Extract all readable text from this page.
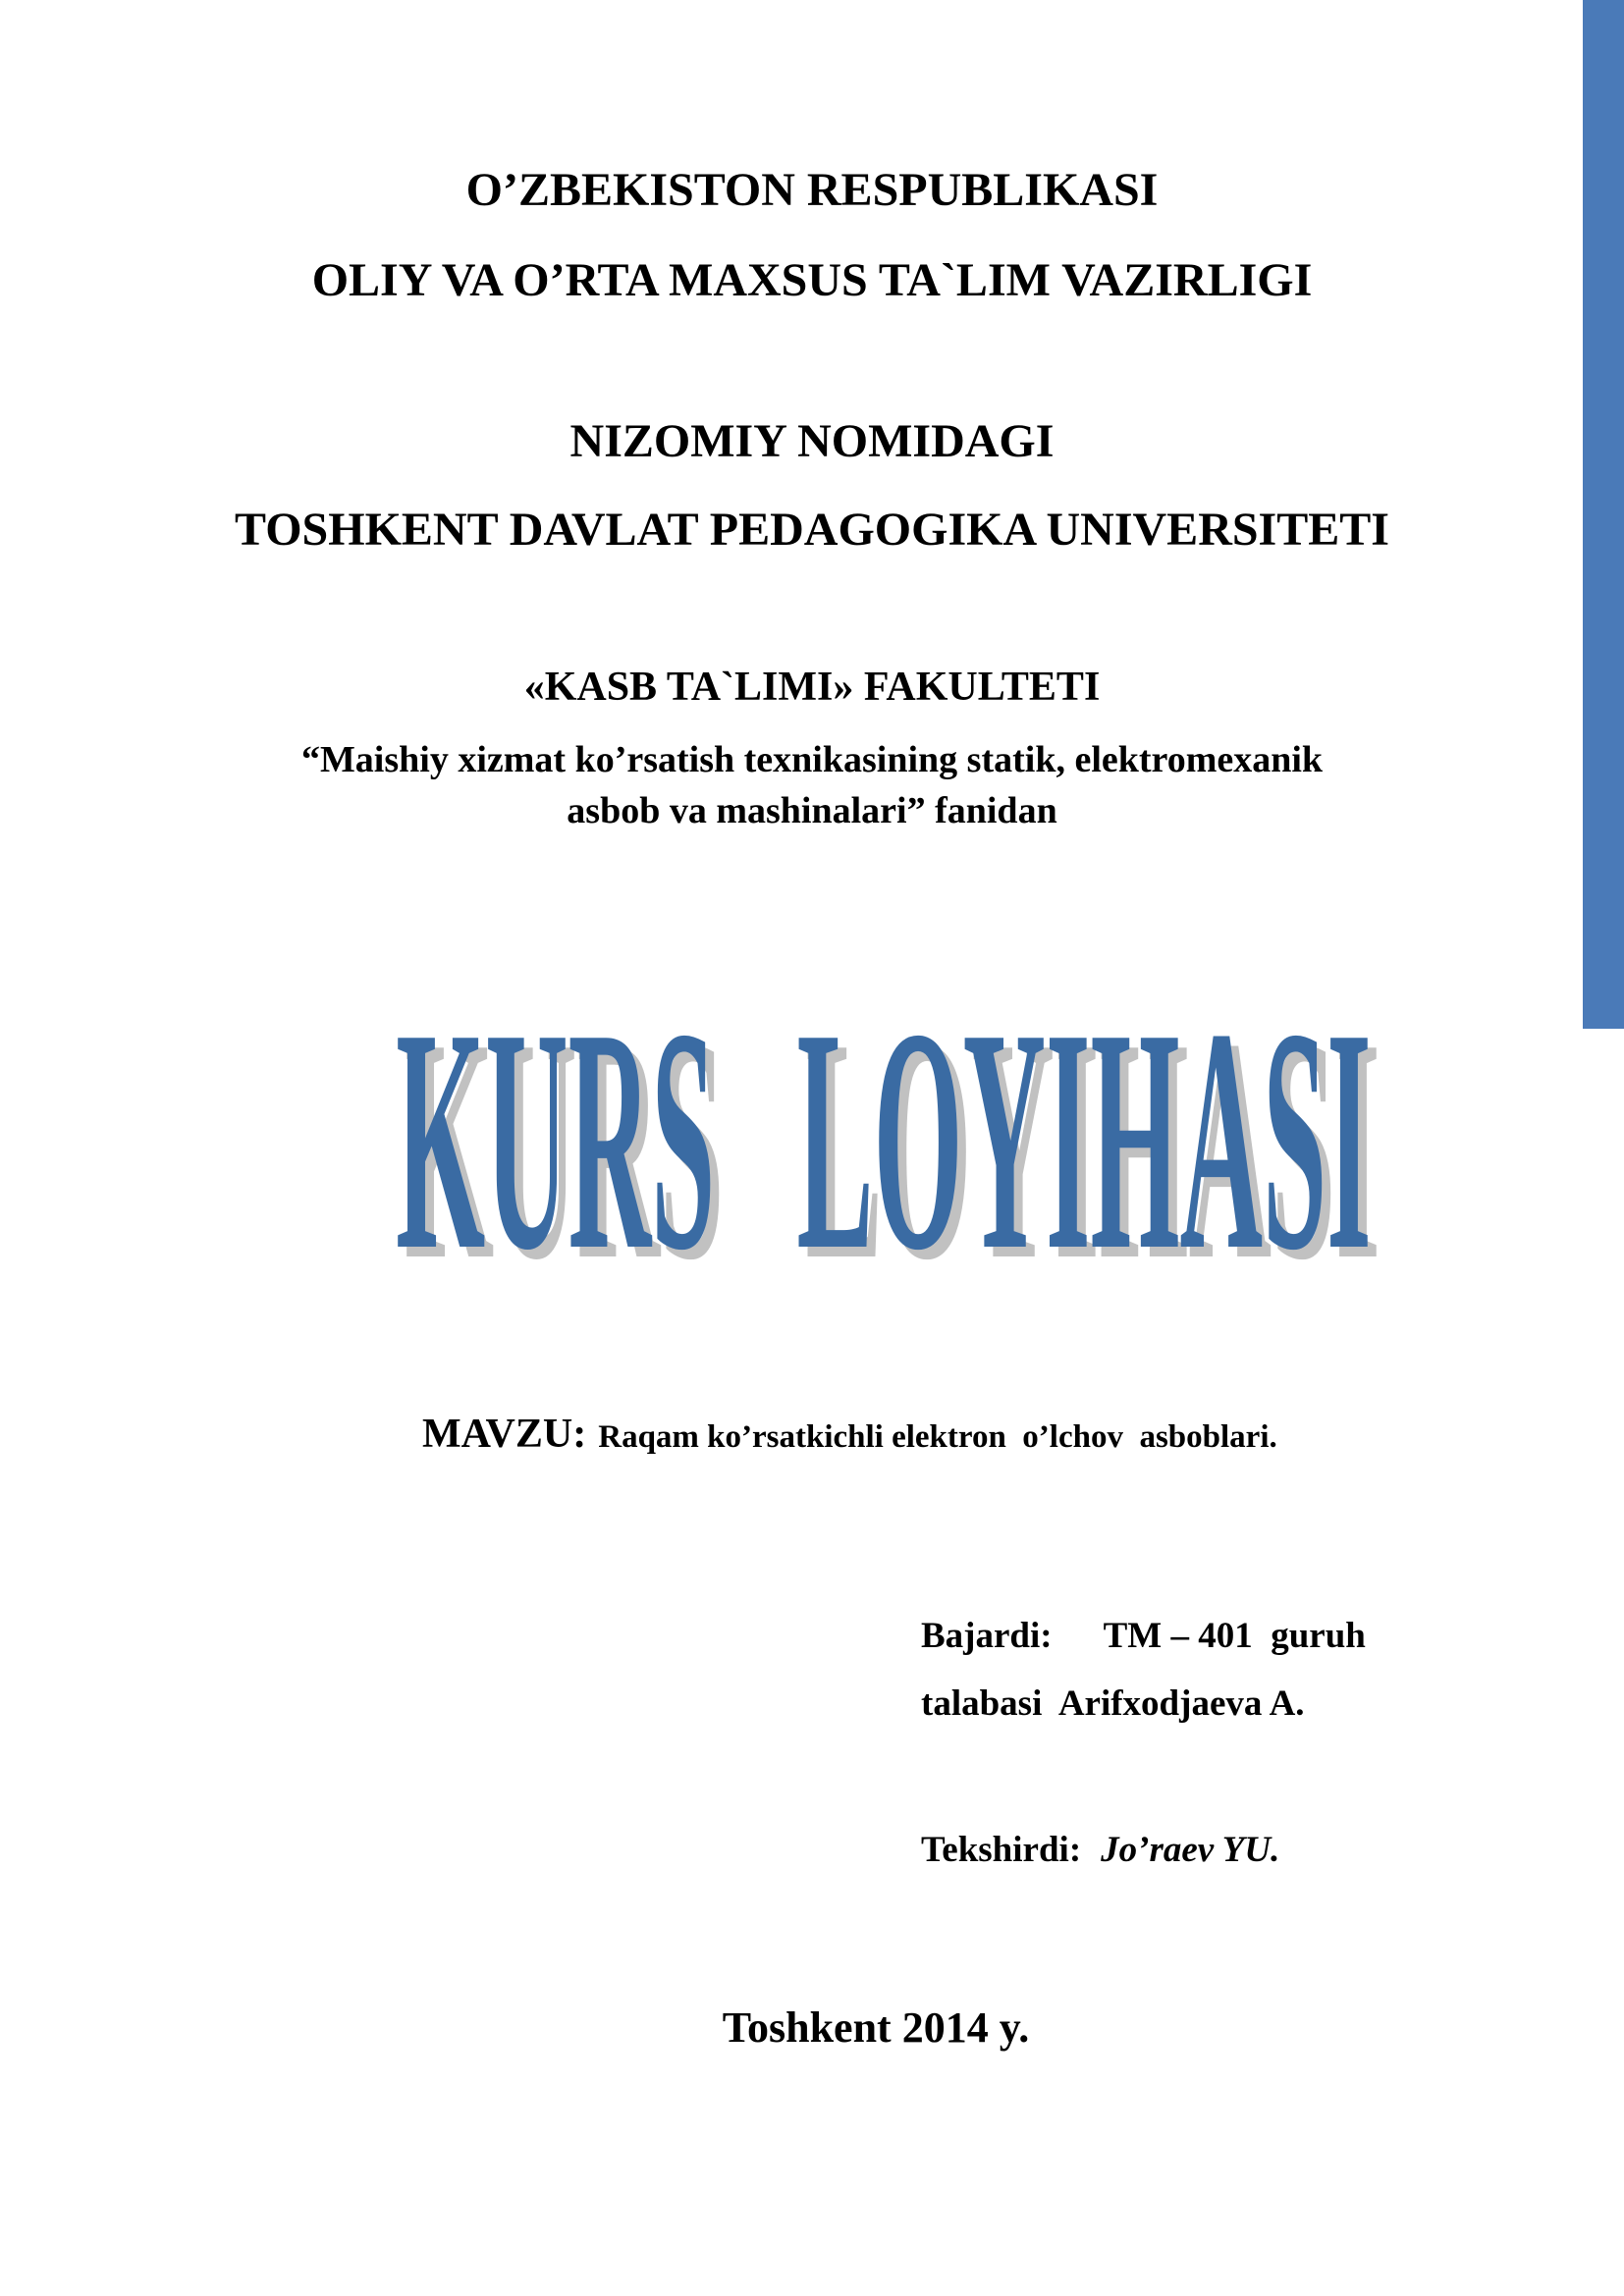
O’ZBEKISTON RESPUBLIKASI
OLIY VA O’RTA MAXSUS TA`LIM VAZIRLIGI
NIZOMIY NOMIDAGI
TOSHKENT DAVLAT PEDAGOGIKA UNIVERSITETI
«KASB TA`LIMI» FAKULTETI
“Maishiy xizmat ko’rsatish texnikasining statik, elektromexanik
asbob va mashinalari” fanidan
KURS LOYIHASI
MAVZU: Raqam ko’rsatkichli elektron  o’lchov  asboblari.
Bajardi: TM – 401  guruh
talabasi  Arifxodjaeva A.
Tekshirdi: Jo’raev YU.
Toshkent 2014 y.
